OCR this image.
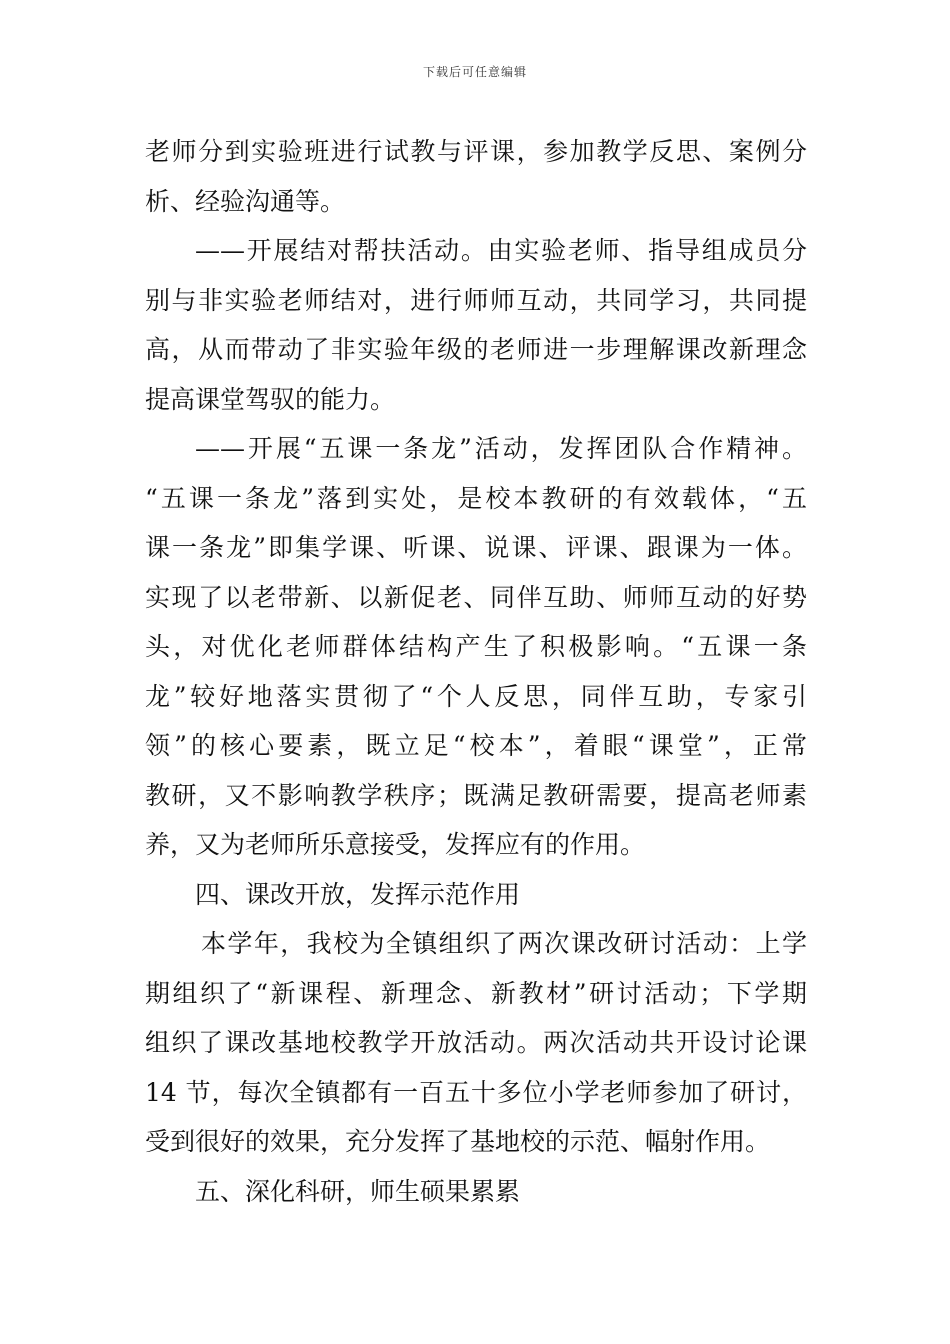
下载后可任意编辑
老师分到实验班进行试教与评课，参加教学反思、案例分
析、经验沟通等。
——开展结对帮扶活动。由实验老师、指导组成员分
别与非实验老师结对，进行师师互动，共同学习，共同提
高，从而带动了非实验年级的老师进一步理解课改新理念
提高课堂驾驭的能力。
——开展“五课一条龙”活动，发挥团队合作精神。
“五课一条龙”落到实处，是校本教研的有效载体，“五
课一条龙”即集学课、听课、说课、评课、跟课为一体。
实现了以老带新、以新促老、同伴互助、师师互动的好势
头，对优化老师群体结构产生了积极影响。“五课一条
龙”较好地落实贯彻了“个人反思，同伴互助，专家引
领”的核心要素，既立足“校本”，着眼“课堂”，正常
教研，又不影响教学秩序；既满足教研需要，提高老师素
养，又为老师所乐意接受，发挥应有的作用。
四、课改开放，发挥示范作用
本学年，我校为全镇组织了两次课改研讨活动：上学
期组织了“新课程、新理念、新教材”研讨活动；下学期
组织了课改基地校教学开放活动。两次活动共开设讨论课
14 节，每次全镇都有一百五十多位小学老师参加了研讨，
受到很好的效果，充分发挥了基地校的示范、幅射作用。
五、深化科研，师生硕果累累
